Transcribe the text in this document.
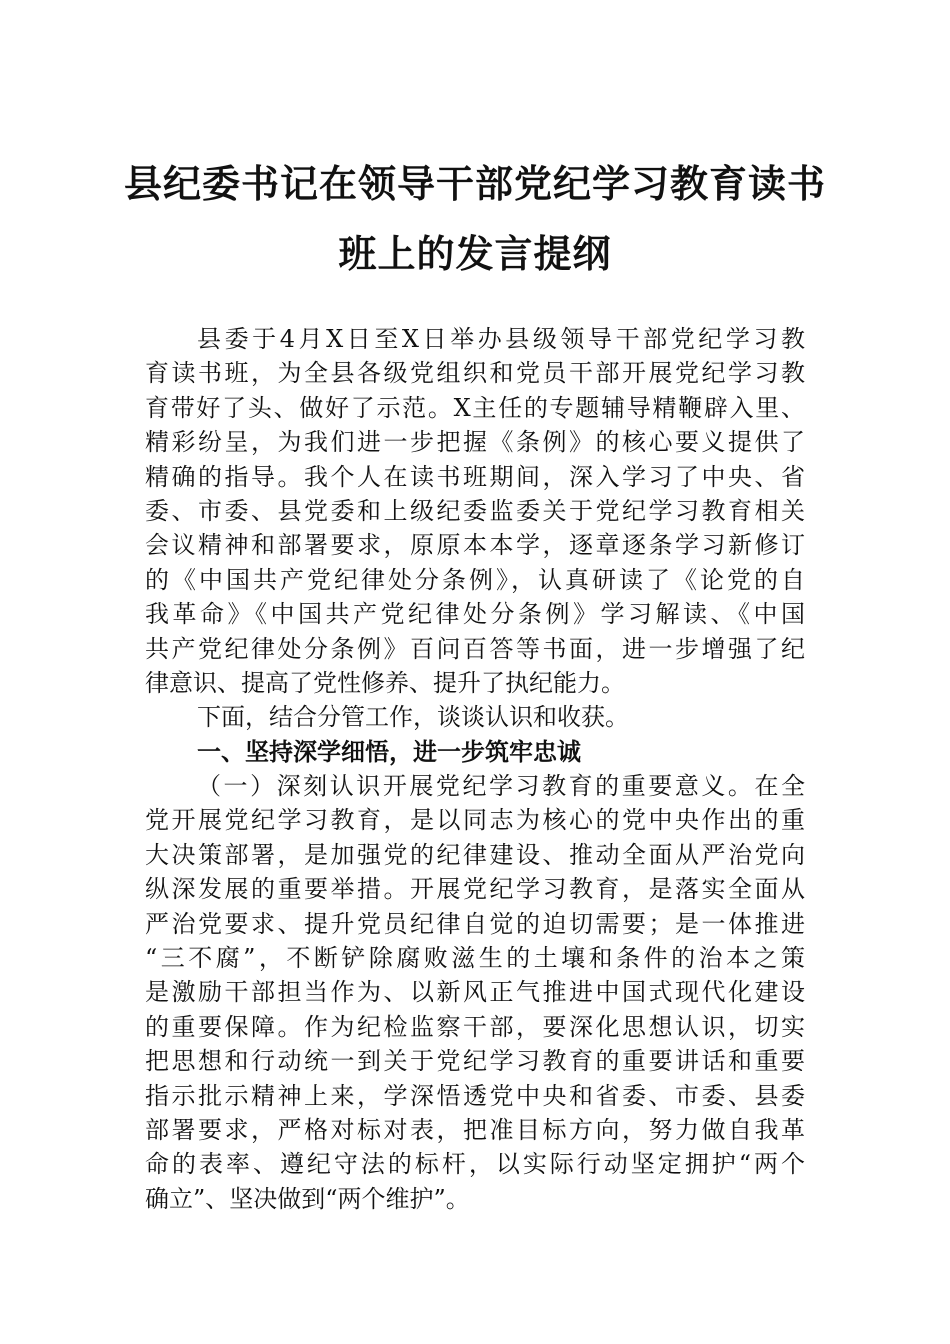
县纪委书记在领导干部党纪学习教育读书
班上的发言提纲
县委于4月X日至X日举办县级领导干部党纪学习教
育读书班，为全县各级党组织和党员干部开展党纪学习教
育带好了头、做好了示范。X主任的专题辅导精鞭辟入里、
精彩纷呈，为我们进一步把握《条例》的核心要义提供了
精确的指导。我个人在读书班期间，深入学习了中央、省
委、市委、县党委和上级纪委监委关于党纪学习教育相关
会议精神和部署要求，原原本本学，逐章逐条学习新修订
的《中国共产党纪律处分条例》，认真研读了《论党的自
我革命》《中国共产党纪律处分条例》学习解读、《中国
共产党纪律处分条例》百问百答等书面，进一步增强了纪
律意识、提高了党性修养、提升了执纪能力。
下面，结合分管工作，谈谈认识和收获。
一、坚持深学细悟，进一步筑牢忠诚
（一）深刻认识开展党纪学习教育的重要意义。在全
党开展党纪学习教育，是以同志为核心的党中央作出的重
大决策部署，是加强党的纪律建设、推动全面从严治党向
纵深发展的重要举措。开展党纪学习教育，是落实全面从
严治党要求、提升党员纪律自觉的迫切需要；是一体推进
“三不腐”，不断铲除腐败滋生的土壤和条件的治本之策
是激励干部担当作为、以新风正气推进中国式现代化建设
的重要保障。作为纪检监察干部，要深化思想认识，切实
把思想和行动统一到关于党纪学习教育的重要讲话和重要
指示批示精神上来，学深悟透党中央和省委、市委、县委
部署要求，严格对标对表，把准目标方向，努力做自我革
命的表率、遵纪守法的标杆，以实际行动坚定拥护“两个
确立”、坚决做到“两个维护”。
